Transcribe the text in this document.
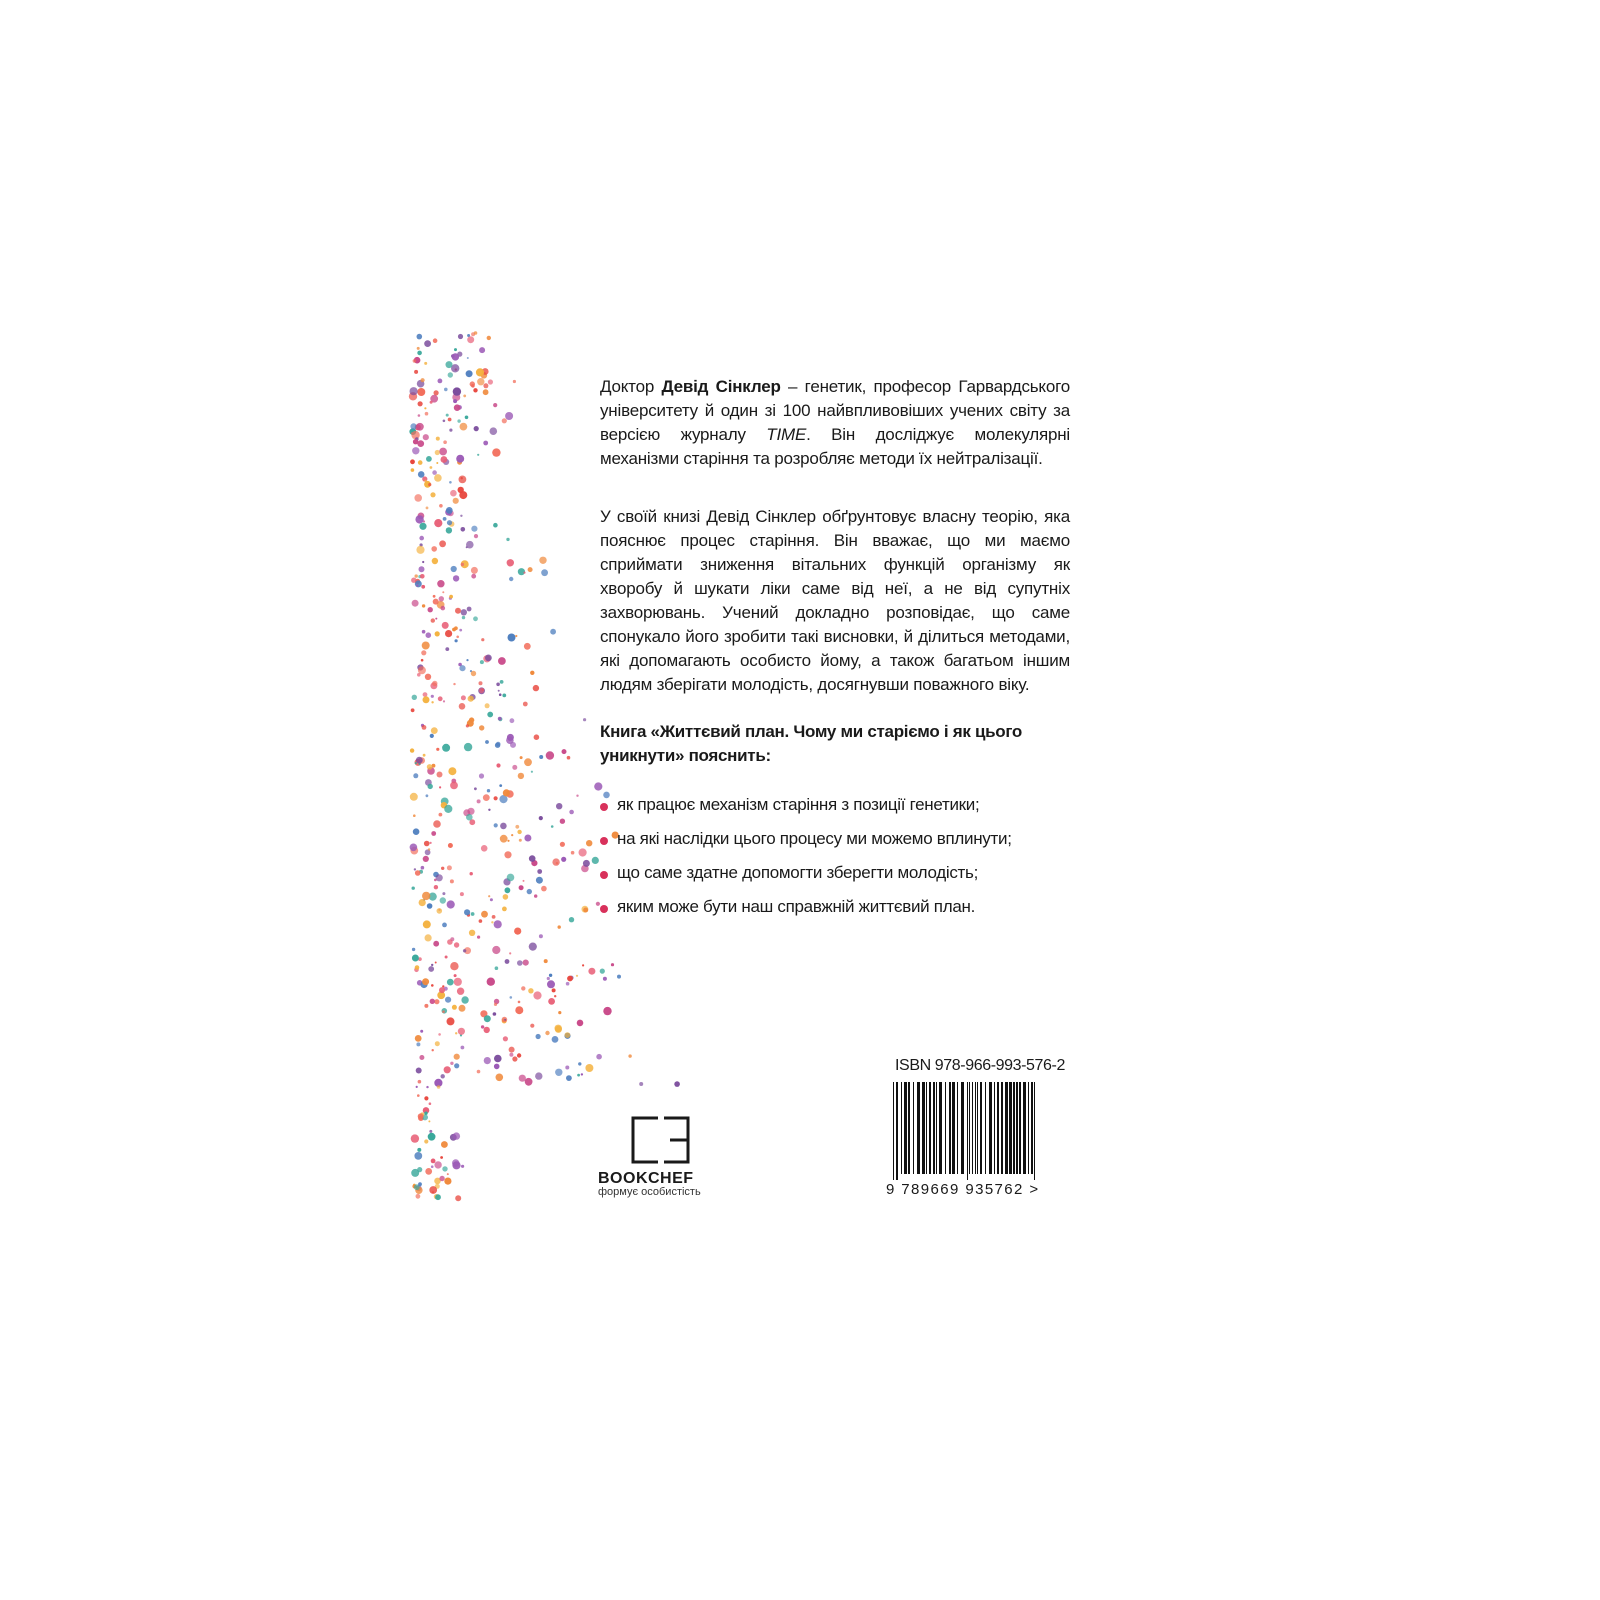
Доктор Девід Сінклер – генетик, професор Гарвардського університету й один зі 100 найвпливовіших учених світу за версією журналу TIME. Він досліджує молекулярні механізми старіння та розробляє методи їх нейтралізації.
У своїй книзі Девід Сінклер обґрунтовує власну теорію, яка пояснює процес старіння. Він вважає, що ми маємо сприймати зниження вітальних функцій організму як хворобу й шукати ліки саме від неї, а не від супутніх захворювань. Учений докладно розповідає, що саме спонукало його зробити такі висновки, й ділиться методами, які допомагають особисто йому, а також багатьом іншим людям зберігати молодість, досягнувши поважного віку.
Книга «Життєвий план. Чому ми старіємо і як цього уникнути» пояснить:
як працює механізм старіння з позиції генетики;
на які наслідки цього процесу ми можемо вплинути;
що саме здатне допомогти зберегти молодість;
яким може бути наш справжній життєвий план.
BOOKCHEF
формує особистість
ISBN 978-966-993-576-2
9 789669 935762 >
